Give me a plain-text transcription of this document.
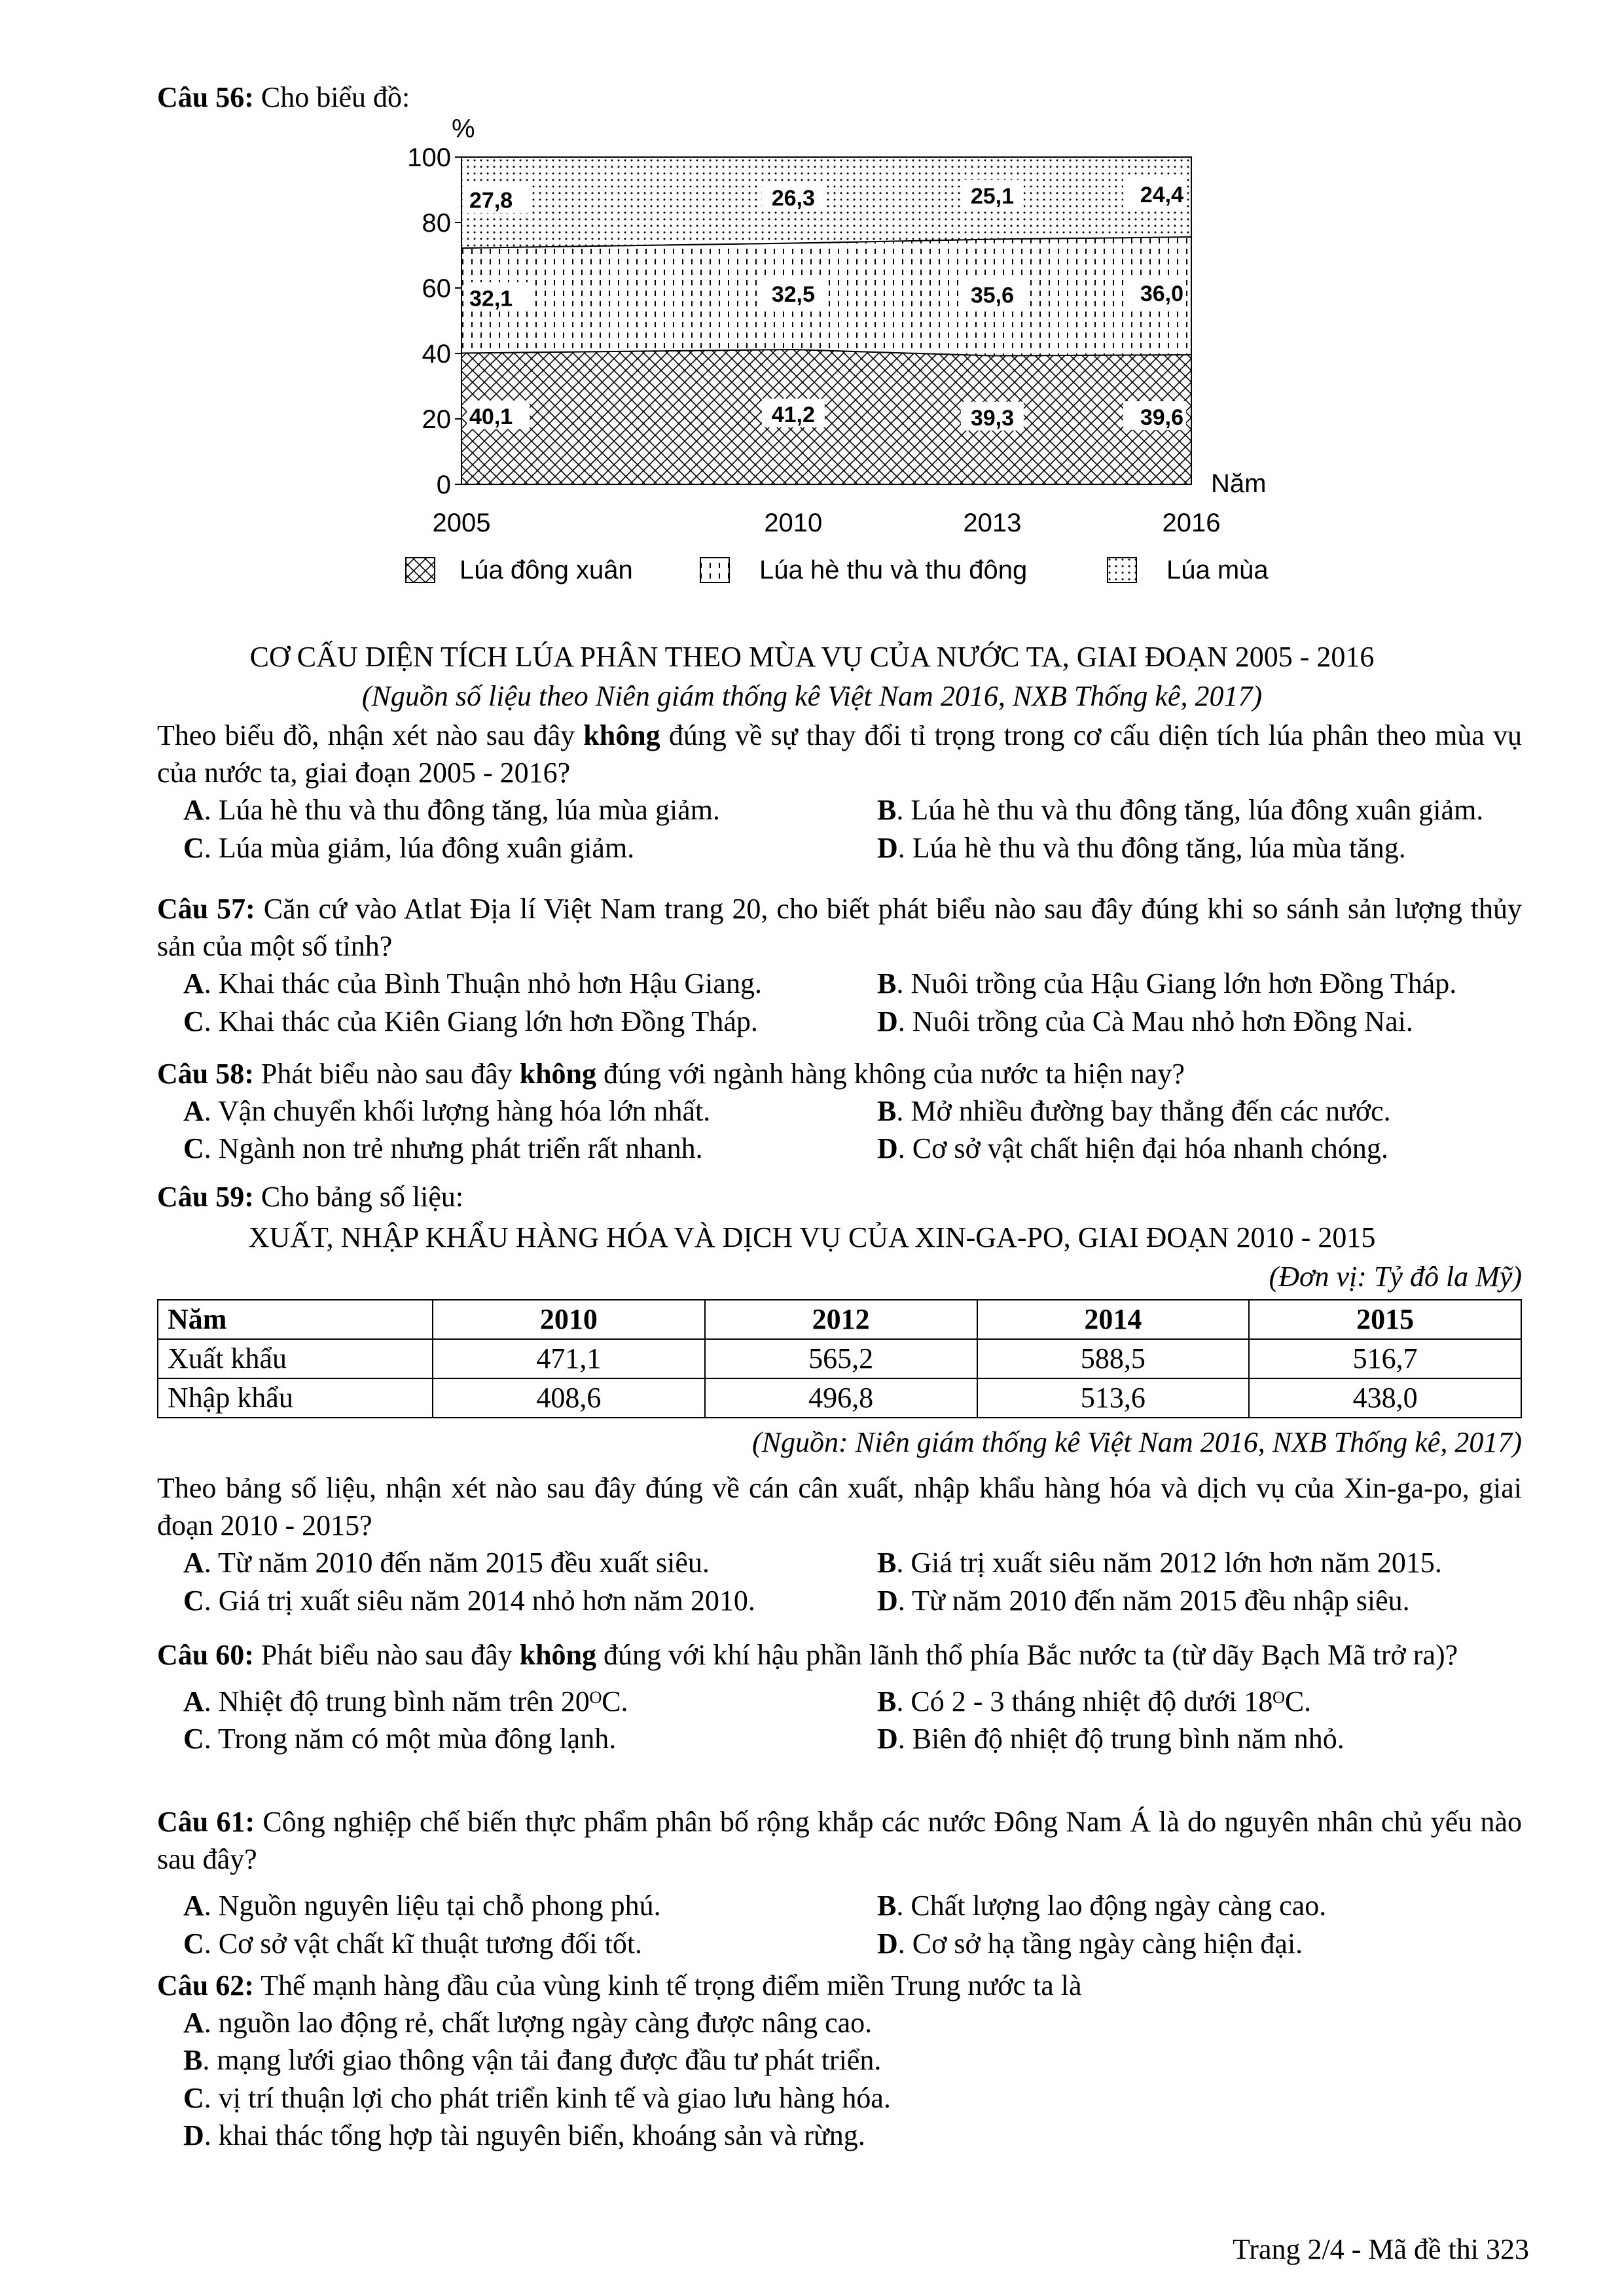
Câu 56: Cho biểu đồ:

40,1	41,2	39,3	39,6
32,1	32,5	35,6	36,0
27,8	26,3	25,1	24,4
0
20
40
60
80
100
2005	2010	2013	2016
%
Năm
Lúa đông xuân	Lúa hè thu và thu đông	Lúa mùa
CƠ CẤU DIỆN TÍCH LÚA PHÂN THEO MÙA VỤ CỦA NƯỚC TA, GIAI ĐOẠN 2005 - 2016
(Nguồn số liệu theo Niên giám thống kê Việt Nam 2016, NXB Thống kê, 2017)

Theo biểu đồ, nhận xét nào sau đây không đúng về sự thay đổi tỉ trọng trong cơ cấu diện tích lúa phân theo mùa vụ của nước ta, giai đoạn 2005 - 2016?

A. Lúa hè thu và thu đông tăng, lúa mùa giảm.	B. Lúa hè thu và thu đông tăng, lúa đông xuân giảm.
C. Lúa mùa giảm, lúa đông xuân giảm.	D. Lúa hè thu và thu đông tăng, lúa mùa tăng.

Câu 57: Căn cứ vào Atlat Địa lí Việt Nam trang 20, cho biết phát biểu nào sau đây đúng khi so sánh sản lượng thủy sản của một số tỉnh?

A. Khai thác của Bình Thuận nhỏ hơn Hậu Giang.	B. Nuôi trồng của Hậu Giang lớn hơn Đồng Tháp.
C. Khai thác của Kiên Giang lớn hơn Đồng Tháp.	D. Nuôi trồng của Cà Mau nhỏ hơn Đồng Nai.

Câu 58: Phát biểu nào sau đây không đúng với ngành hàng không của nước ta hiện nay?

A. Vận chuyển khối lượng hàng hóa lớn nhất.	B. Mở nhiều đường bay thẳng đến các nước.
C. Ngành non trẻ nhưng phát triển rất nhanh.	D. Cơ sở vật chất hiện đại hóa nhanh chóng.

Câu 59: Cho bảng số liệu:

XUẤT, NHẬP KHẨU HÀNG HÓA VÀ DỊCH VỤ CỦA XIN-GA-PO, GIAI ĐOẠN 2010 - 2015
(Đơn vị: Tỷ đô la Mỹ)
Năm	2010	2012	2014	2015
Xuất khẩu	471,1	565,2	588,5	516,7
Nhập khẩu	408,6	496,8	513,6	438,0
(Nguồn: Niên giám thống kê Việt Nam 2016, NXB Thống kê, 2017)

Theo bảng số liệu, nhận xét nào sau đây đúng về cán cân xuất, nhập khẩu hàng hóa và dịch vụ của Xin-ga-po, giai đoạn 2010 - 2015?

A. Từ năm 2010 đến năm 2015 đều xuất siêu.	B. Giá trị xuất siêu năm 2012 lớn hơn năm 2015.
C. Giá trị xuất siêu năm 2014 nhỏ hơn năm 2010.	D. Từ năm 2010 đến năm 2015 đều nhập siêu.

Câu 60: Phát biểu nào sau đây không đúng với khí hậu phần lãnh thổ phía Bắc nước ta (từ dãy Bạch Mã trở ra)?

A. Nhiệt độ trung bình năm trên 20ᴼC.	B. Có 2 - 3 tháng nhiệt độ dưới 18ᴼC.
C. Trong năm có một mùa đông lạnh.	D. Biên độ nhiệt độ trung bình năm nhỏ.

Câu 61: Công nghiệp chế biến thực phẩm phân bố rộng khắp các nước Đông Nam Á là do nguyên nhân chủ yếu nào sau đây?

A. Nguồn nguyên liệu tại chỗ phong phú.	B. Chất lượng lao động ngày càng cao.
C. Cơ sở vật chất kĩ thuật tương đối tốt.	D. Cơ sở hạ tầng ngày càng hiện đại.

Câu 62: Thế mạnh hàng đầu của vùng kinh tế trọng điểm miền Trung nước ta là

A. nguồn lao động rẻ, chất lượng ngày càng được nâng cao.
B. mạng lưới giao thông vận tải đang được đầu tư phát triển.
C. vị trí thuận lợi cho phát triển kinh tế và giao lưu hàng hóa.
D. khai thác tổng hợp tài nguyên biển, khoáng sản và rừng.
Trang 2/4 - Mã đề thi 323
